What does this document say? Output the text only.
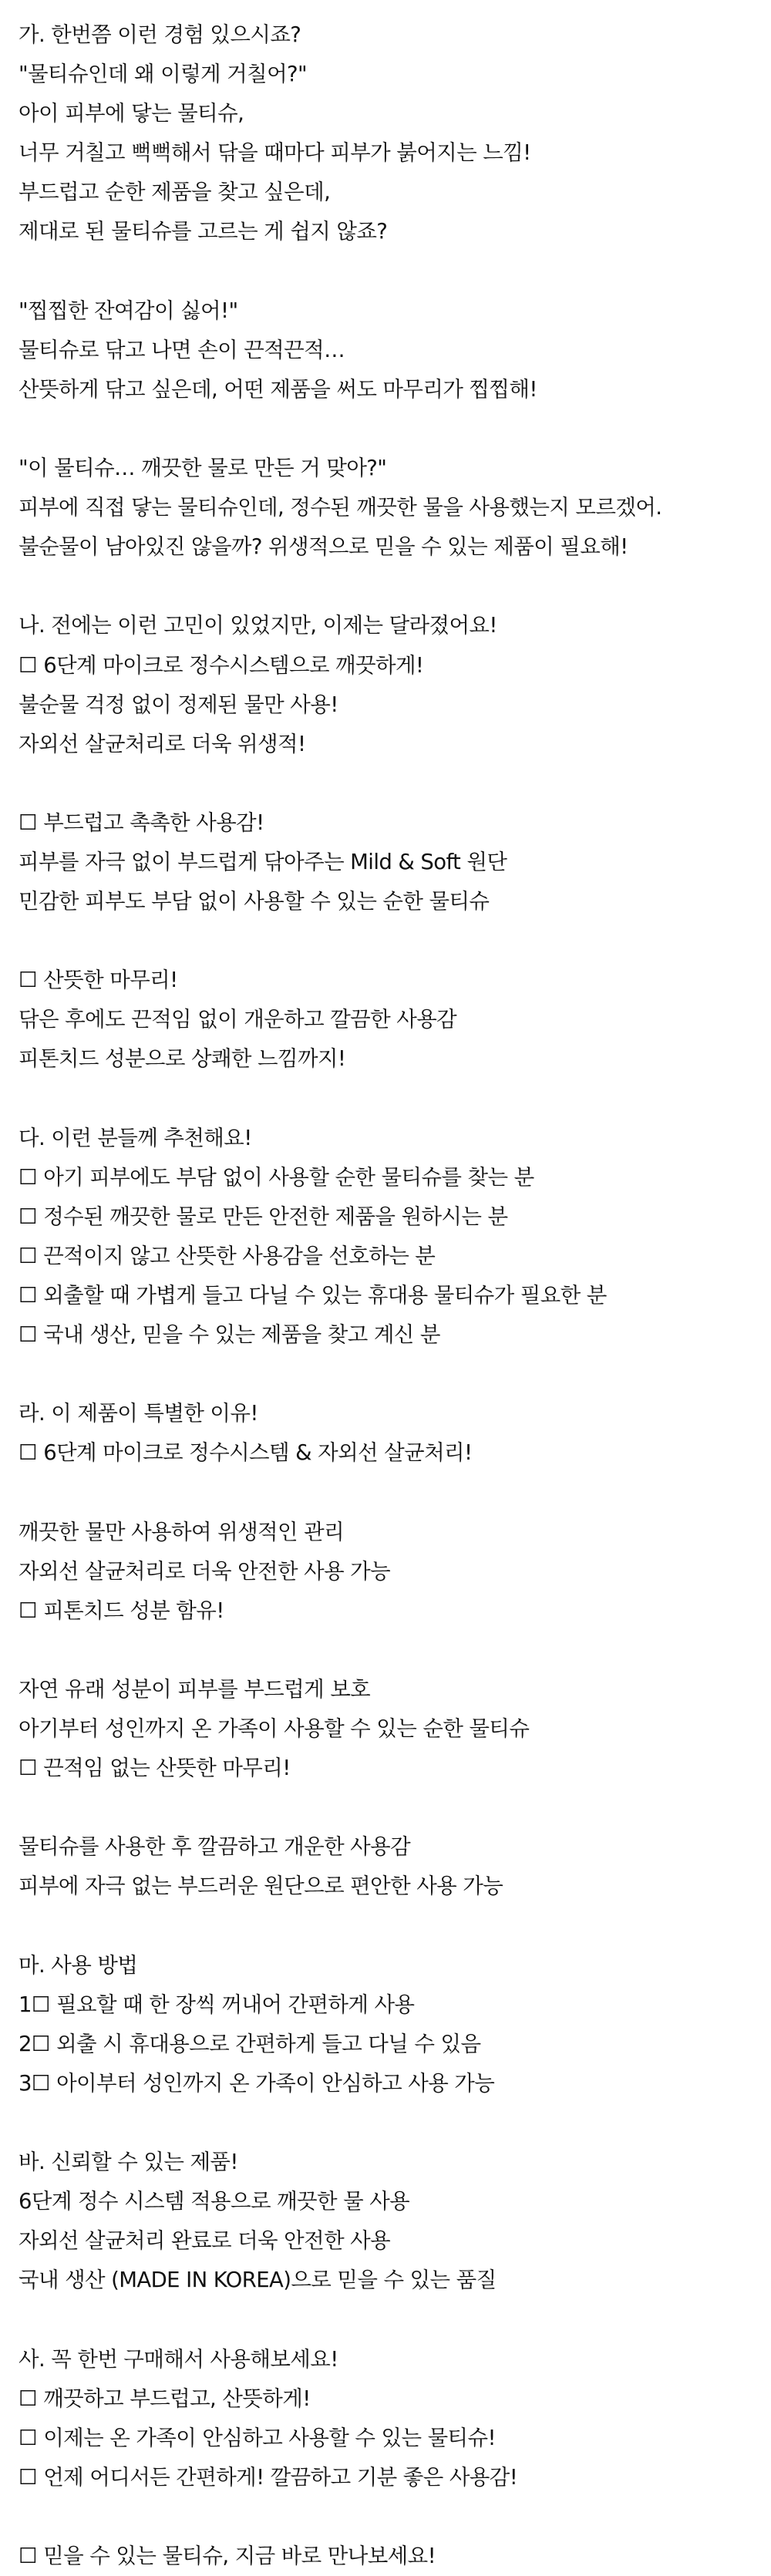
가. 한번쯤 이런 경험 있으시죠?
"물티슈인데 왜 이렇게 거칠어?"
아이 피부에 닿는 물티슈,
너무 거칠고 뻑뻑해서 닦을 때마다 피부가 붉어지는 느낌!
부드럽고 순한 제품을 찾고 싶은데,
제대로 된 물티슈를 고르는 게 쉽지 않죠?
"찝찝한 잔여감이 싫어!"
물티슈로 닦고 나면 손이 끈적끈적…
산뜻하게 닦고 싶은데, 어떤 제품을 써도 마무리가 찝찝해!
"이 물티슈… 깨끗한 물로 만든 거 맞아?"
피부에 직접 닿는 물티슈인데, 정수된 깨끗한 물을 사용했는지 모르겠어.
불순물이 남아있진 않을까? 위생적으로 믿을 수 있는 제품이 필요해!
나. 전에는 이런 고민이 있었지만, 이제는 달라졌어요!
☐ 6단계 마이크로 정수시스템으로 깨끗하게!
불순물 걱정 없이 정제된 물만 사용!
자외선 살균처리로 더욱 위생적!
☐ 부드럽고 촉촉한 사용감!
피부를 자극 없이 부드럽게 닦아주는 Mild & Soft 원단
민감한 피부도 부담 없이 사용할 수 있는 순한 물티슈
☐ 산뜻한 마무리!
닦은 후에도 끈적임 없이 개운하고 깔끔한 사용감
피톤치드 성분으로 상쾌한 느낌까지!
다. 이런 분들께 추천해요!
☐ 아기 피부에도 부담 없이 사용할 순한 물티슈를 찾는 분
☐ 정수된 깨끗한 물로 만든 안전한 제품을 원하시는 분
☐ 끈적이지 않고 산뜻한 사용감을 선호하는 분
☐ 외출할 때 가볍게 들고 다닐 수 있는 휴대용 물티슈가 필요한 분
☐ 국내 생산, 믿을 수 있는 제품을 찾고 계신 분
라. 이 제품이 특별한 이유!
☐ 6단계 마이크로 정수시스템 & 자외선 살균처리!
깨끗한 물만 사용하여 위생적인 관리
자외선 살균처리로 더욱 안전한 사용 가능
☐ 피톤치드 성분 함유!
자연 유래 성분이 피부를 부드럽게 보호
아기부터 성인까지 온 가족이 사용할 수 있는 순한 물티슈
☐ 끈적임 없는 산뜻한 마무리!
물티슈를 사용한 후 깔끔하고 개운한 사용감
피부에 자극 없는 부드러운 원단으로 편안한 사용 가능
마. 사용 방법
1☐ 필요할 때 한 장씩 꺼내어 간편하게 사용
2☐ 외출 시 휴대용으로 간편하게 들고 다닐 수 있음
3☐ 아이부터 성인까지 온 가족이 안심하고 사용 가능
바. 신뢰할 수 있는 제품!
6단계 정수 시스템 적용으로 깨끗한 물 사용
자외선 살균처리 완료로 더욱 안전한 사용
국내 생산 (MADE IN KOREA)으로 믿을 수 있는 품질
사. 꼭 한번 구매해서 사용해보세요!
☐ 깨끗하고 부드럽고, 산뜻하게!
☐ 이제는 온 가족이 안심하고 사용할 수 있는 물티슈!
☐ 언제 어디서든 간편하게! 깔끔하고 기분 좋은 사용감!
☐ 믿을 수 있는 물티슈, 지금 바로 만나보세요!
